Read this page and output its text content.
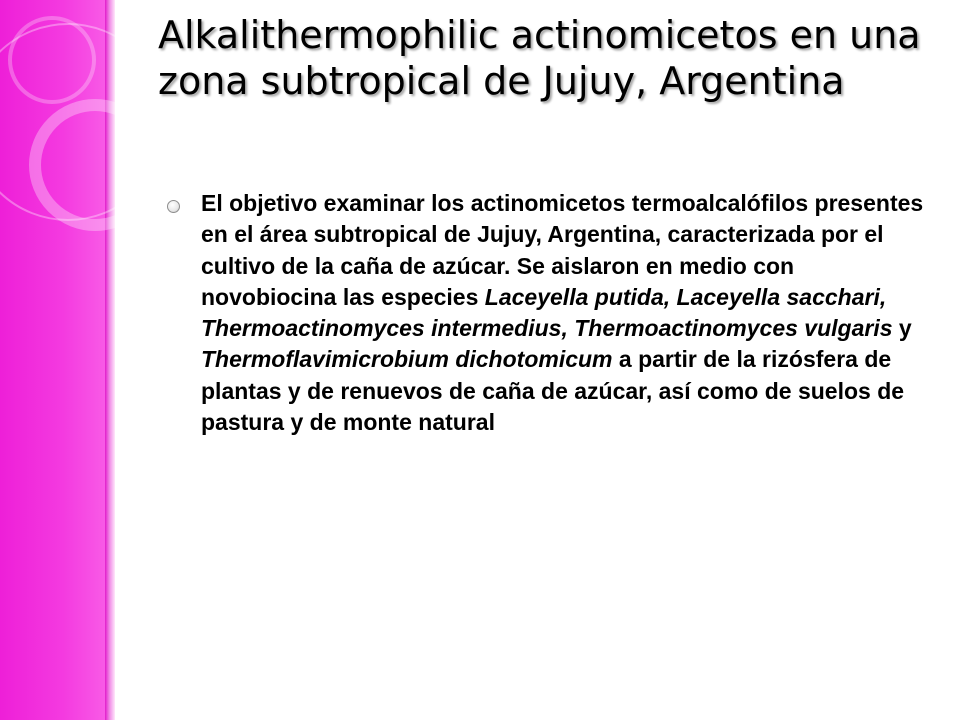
Alkalithermophilic actinomicetos en una zona subtropical de Jujuy, Argentina
El objetivo examinar los actinomicetos termoalcalófilos presentes en el área subtropical de Jujuy, Argentina, caracterizada por el cultivo de la caña de azúcar. Se aislaron en medio con novobiocina las especies Laceyella putida, Laceyella sacchari, Thermoactinomyces intermedius, Thermoactinomyces vulgaris y Thermoflavimicrobium dichotomicum a partir de la rizósfera de plantas y de renuevos de caña de azúcar, así como de suelos de pastura y de monte natural
